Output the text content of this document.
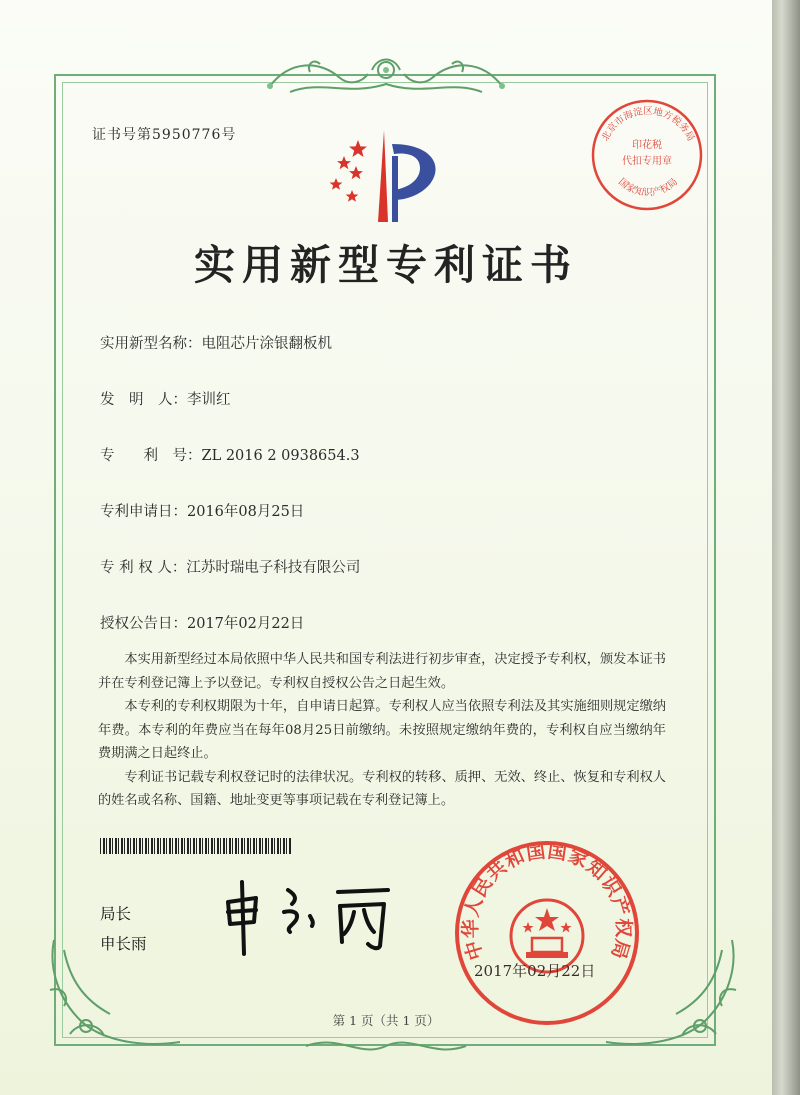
证书号第5950776号	北京市海淀区地方税务局
印花税
代扣专用章
国家知识产权局
实用新型专利证书
实用新型名称：电阻芯片涂银翻板机
发　明　人：李训红
专　　利　号：ZL 2016 2 0938654.3
专利申请日：2016年08月25日
专 利 权 人：江苏时瑞电子科技有限公司
授权公告日：2017年02月22日

本实用新型经过本局依照中华人民共和国专利法进行初步审查，决定授予专利权，颁发本证书并在专利登记簿上予以登记。专利权自授权公告之日起生效。

本专利的专利权期限为十年，自申请日起算。专利权人应当依照专利法及其实施细则规定缴纳年费。本专利的年费应当在每年08月25日前缴纳。未按照规定缴纳年费的，专利权自应当缴纳年费期满之日起终止。

专利证书记载专利权登记时的法律状况。专利权的转移、质押、无效、终止、恢复和专利权人的姓名或名称、国籍、地址变更等事项记载在专利登记簿上。

局长
申长雨	中华人民共和国国家知识产权局
2017年02月22日
第 1 页（共 1 页）
